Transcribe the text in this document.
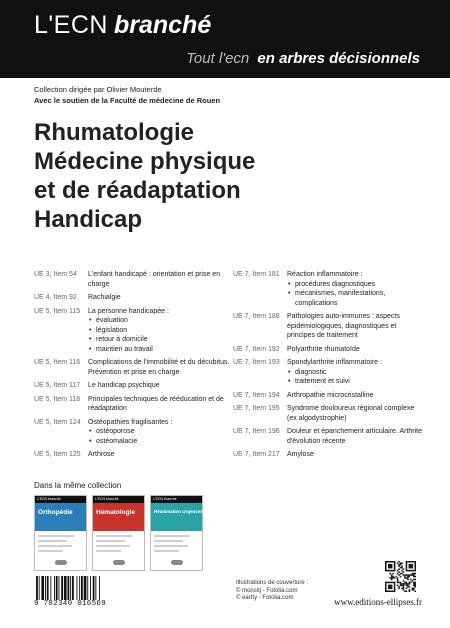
L'ECN branché
Tout l'ecn en arbres décisionnels
Collection dirigée par Olivier Mouterde
Avec le soutien de la Faculté de médecine de Rouen
Rhumatologie
Médecine physique
et de réadaptation
Handicap
UE 3, Item 54	L'enfant handicapé : orientation et prise en charge
UE 4, Item 92	Rachialgie
UE 5, Item 115	La personne handicapée :
• évaluation
• législation
• retour à domicile
• maintien au travail
UE 5, Item 116	Complications de l'immobilité et du décubitus. Prévention et prise en charge
UE 5, Item 117	Le handicap psychique
UE 5, Item 118	Principales techniques de rééducation et de réadaptation
UE 5, Item 124	Ostéopathies fragilisantes :
• ostéoporose
• ostéomalacie
UE 5, Item 125	Arthrose
UE 7, Item 181	Réaction inflammatoire :
• procédures diagnostiques
• mécanismes, manifestations, complications
UE 7, Item 188	Pathologies auto-immunes : aspects épidémiologiques, diagnostiques et principes de traitement
UE 7, Item 192	Polyarthrite rhumatoïde
UE 7, Item 193	Spondylarthrite inflammatoire :
• diagnostic
• traitement et suivi
UE 7, Item 194	Arthropathie microcristalline
UE 7, Item 195	Syndrome douloureux régional complexe (ex algodystrophie)
UE 7, Item 196	Douleur et épanchement articulaire. Arthrite d'évolution récente
UE 7, Item 217	Amylose
Dans la même collection
L'ECN branché
Orthopédie
L'ECN branché
Hématologie
L'ECN branché
Réanimation Urgences
9 782340 016569
Illustrations de couverture :
© monsitj - Fotolia.com
© eartty - Fotolia.com	www.editions-ellipses.fr
